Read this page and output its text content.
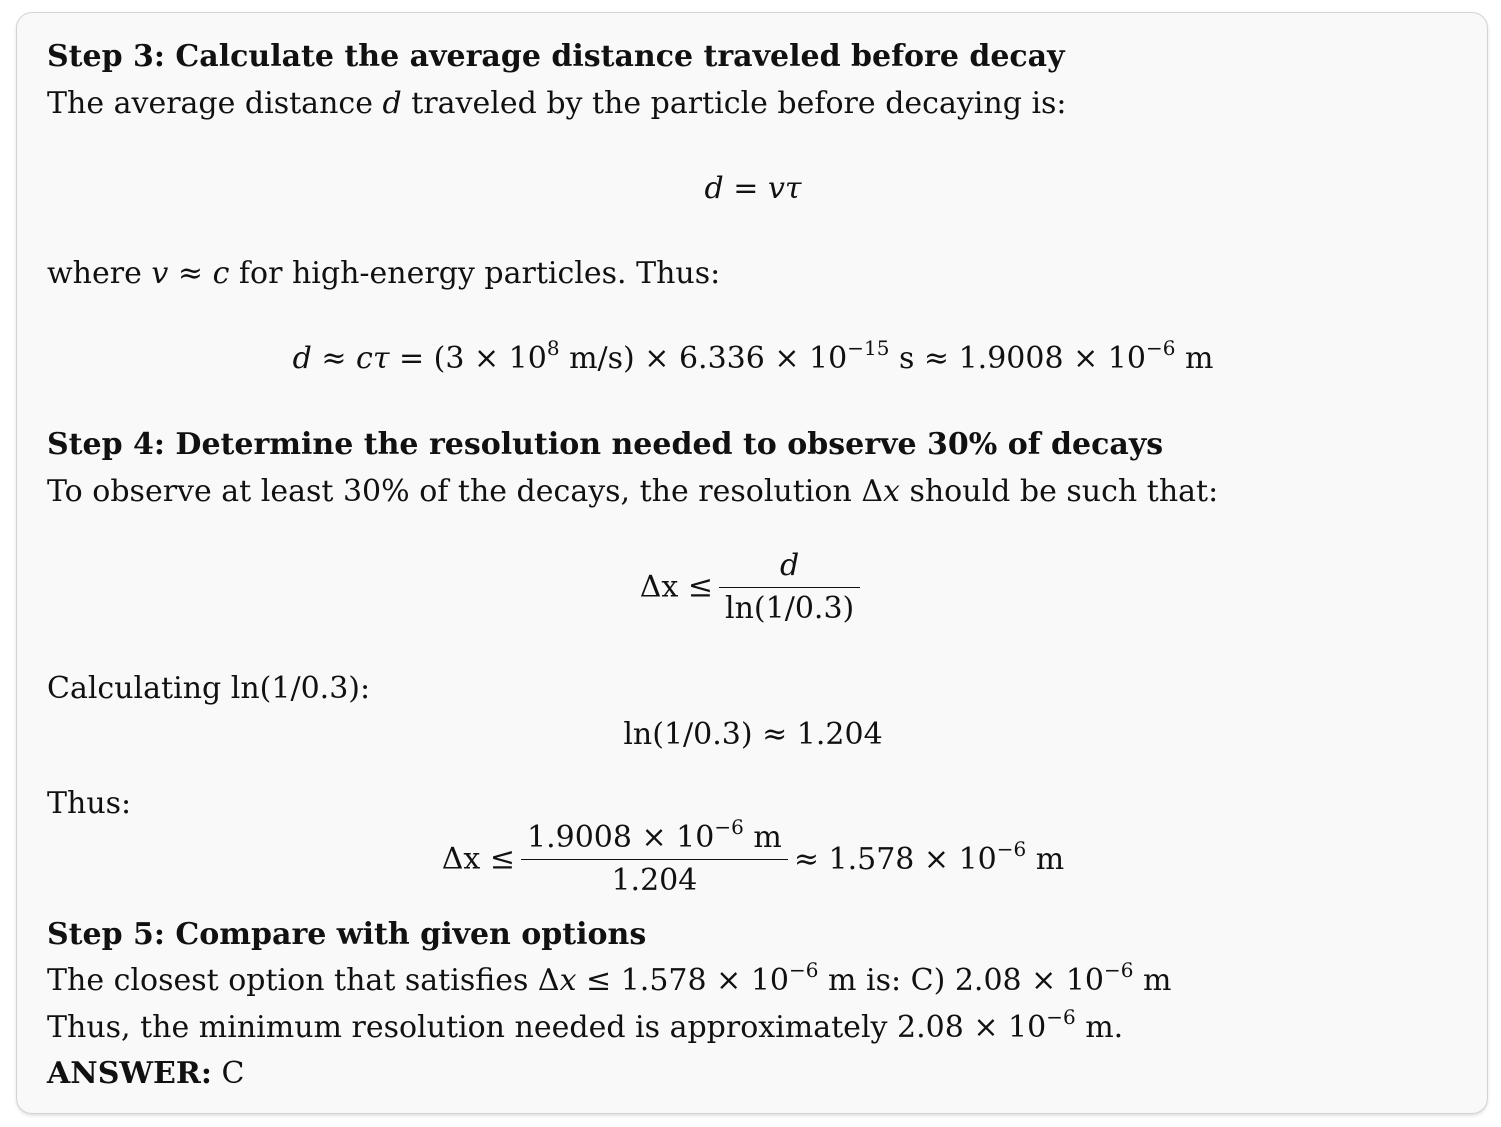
Step 3: Calculate the average distance traveled before decay
The average distance d traveled by the particle before decaying is:
d = vτ
where v ≈ c for high-energy particles. Thus:
$d \approx c\tau = (3 \times 10^8$ $m/s) \times 6.336 \times 10^{-15}$ $s \approx 1.9008 \times 10^{-6}$ m
Step 4: Determine the resolution needed to observe 30% of decays
To observe at least 30% of the decays, the resolution Δx should be such that:
$\Delta x \le \frac{d}{\ln(1/0.3)}$
Calculating ln(1/0.3):
ln(1/0.3) ≈ 1.204
Thus:
$\Delta x \le \frac{1.9008 \times 10^{-6} m}{1.204} \approx 1.578 \times 10^{-6}$ m
Step 5: Compare with given options
The closest option that satisfies $\Delta x \le 1.578 \times 10^{-6}$ m is: C) $2.08 \times 10^{-6}$ m
Thus, the minimum resolution needed is approximately $2.08 \times 10^{-6}$ m.
ANSWER: C
